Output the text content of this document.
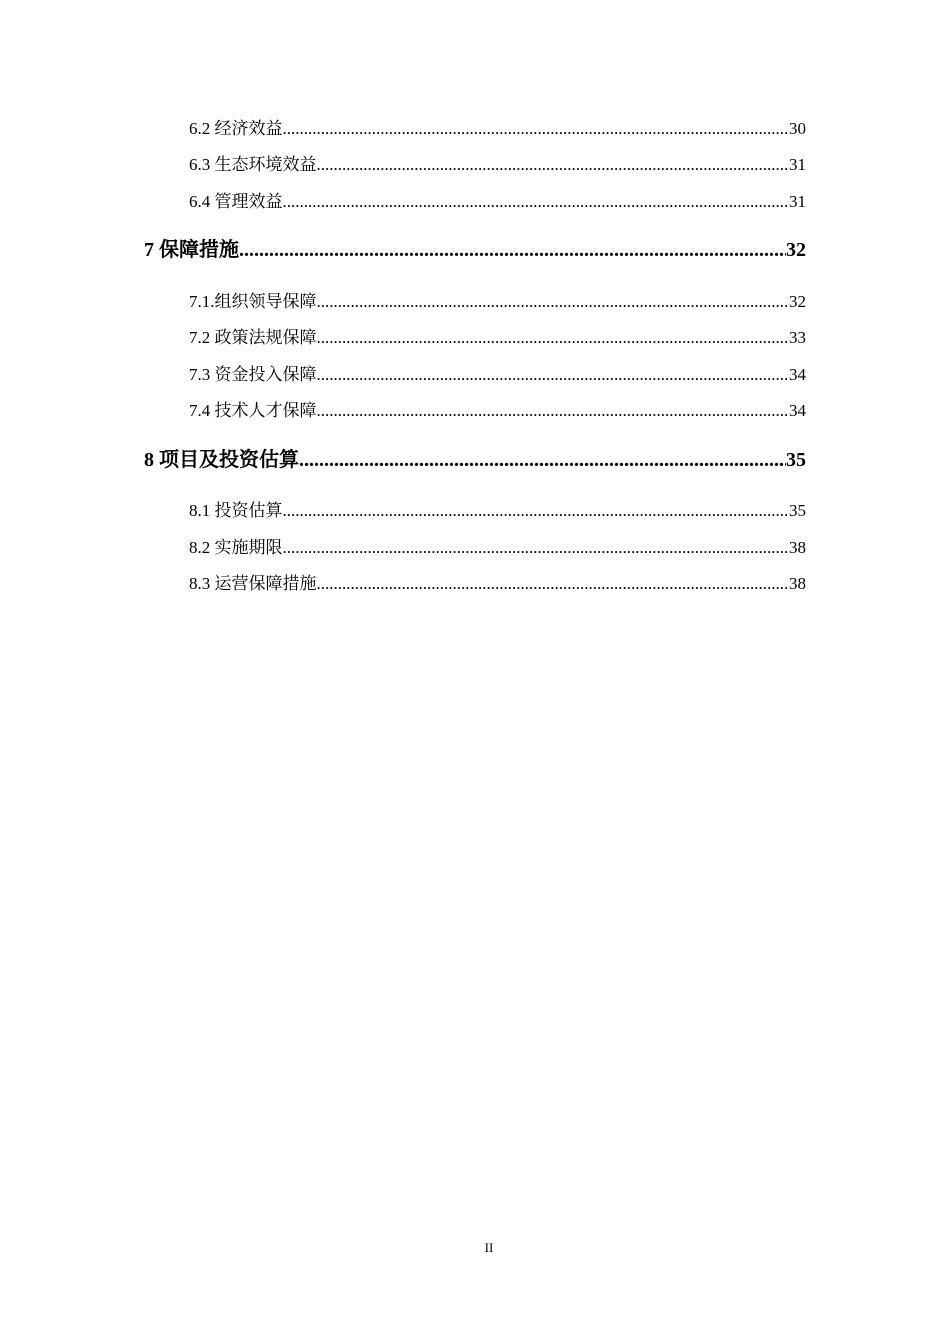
6.2 经济效益 .....	30
6.3 生态环境效益 .....	31
6.4 管理效益 .....	31
7 保障措施 .....	32
7.1.组织领导保障 .....	32
7.2 政策法规保障 .....	33
7.3 资金投入保障 .....	34
7.4 技术人才保障 .....	34
8 项目及投资估算 .....	35
8.1 投资估算 .....	35
8.2 实施期限 .....	38
8.3 运营保障措施 .....	38
II
